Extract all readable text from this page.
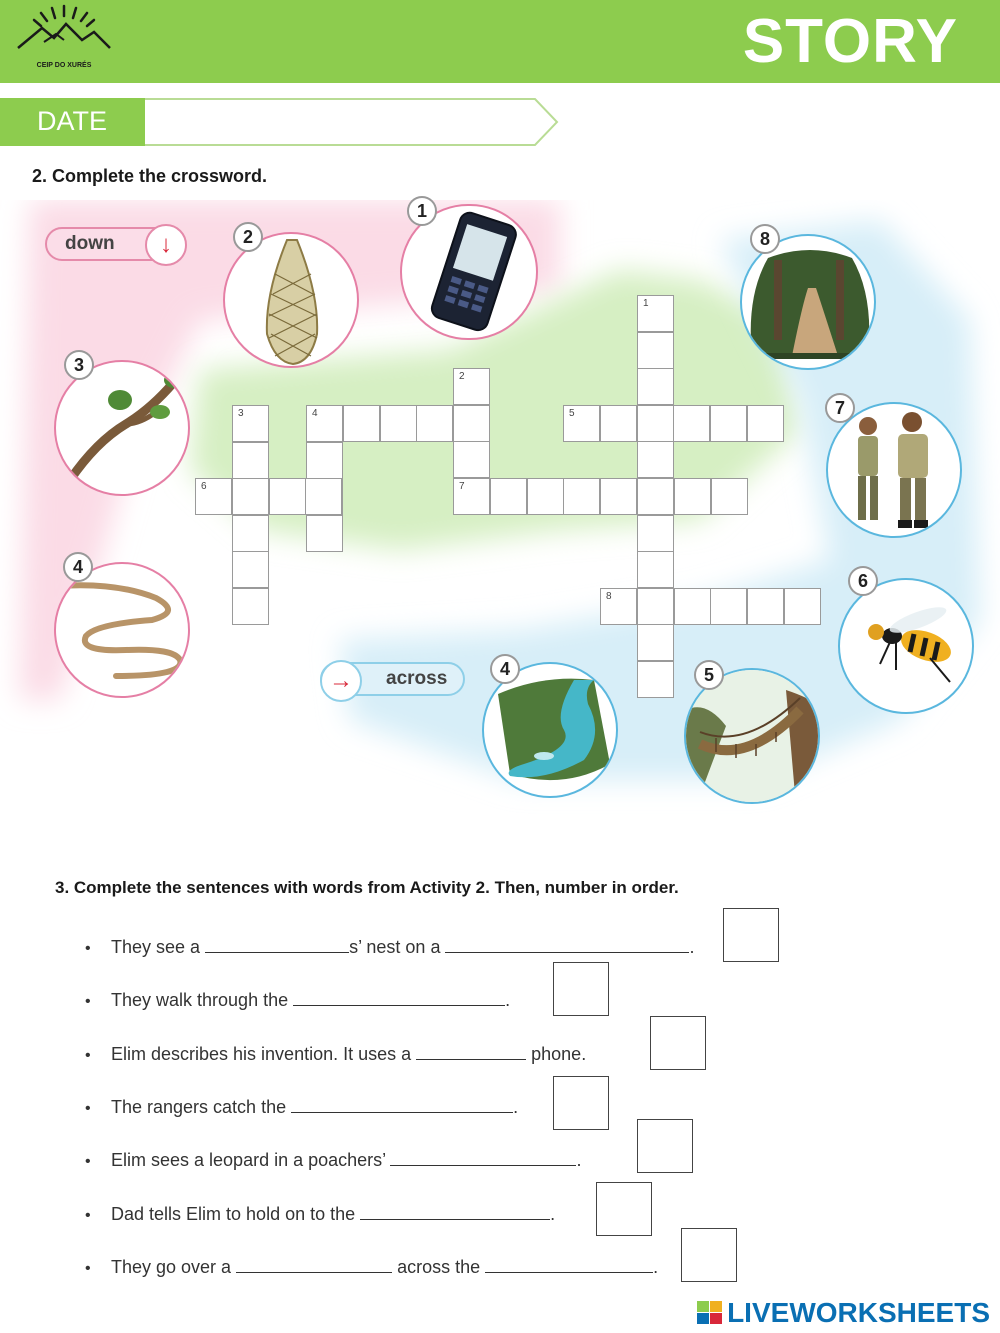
CEIP DO XURÉS	STORY
DATE
2. Complete the crossword.
down	↓
→	across
1
2
3	4	5
6	7
8
1
2
3
4
8
7
6
5
4
3. Complete the sentences with words from Activity 2. Then, number in order.
• They see a	s’ nest on a	.
• They walk through the	.
• Elim describes his invention. It uses a	phone.
• The rangers catch the	.
• Elim sees a leopard in a poachers’	.
• Dad tells Elim to hold on to the	.
• They go over a	across the	.
LIVEWORKSHEETS
